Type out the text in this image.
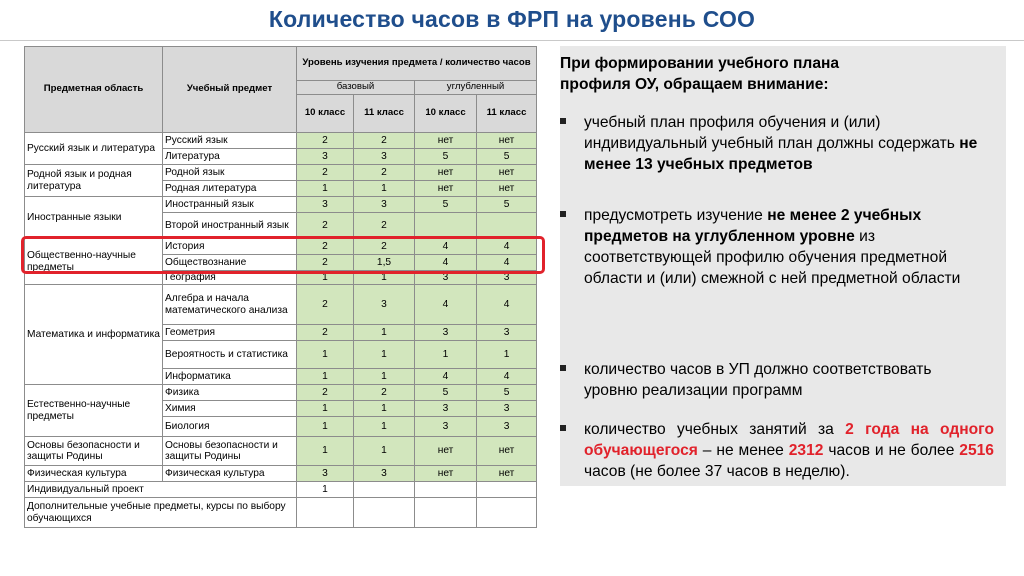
Количество часов в ФРП на уровень СОО
Предметная область	Учебный предмет	Уровень изучения предмета / количество часов			
		базовый		углубленный	
		10 класс	11 класс	10 класс	11 класс
Русский язык и литература	Русский язык	2	2	нет	нет
	Литература	3	3	5	5
Родной язык и родная литература	Родной язык	2	2	нет	нет
	Родная литература	1	1	нет	нет
Иностранные языки	Иностранный язык	3	3	5	5
	Второй иностранный язык	2	2		
Общественно-научные предметы	История	2	2	4	4
	Обществознание	2	1,5	4	4
	География	1	1	3	3
Математика и информатика	Алгебра и начала математического анализа	2	3	4	4
	Геометрия	2	1	3	3
	Вероятность и статистика	1	1	1	1
	Информатика	1	1	4	4
Естественно-научные предметы	Физика	2	2	5	5
	Химия	1	1	3	3
	Биология	1	1	3	3
Основы безопасности и защиты Родины	Основы безопасности и защиты Родины	1	1	нет	нет
Физическая культура	Физическая культура	3	3	нет	нет
Индивидуальный проект		1			
Дополнительные учебные предметы, курсы по выбору обучающихся					
При формировании учебного плана профиля ОУ, обращаем внимание:
учебный план профиля обучения и (или) индивидуальный учебный план должны содержать не менее 13 учебных предметов
предусмотреть изучение не менее 2 учебных предметов на углубленном уровне из соответствующей профилю обучения предметной области и (или) смежной с ней предметной области
количество часов в УП должно соответствовать уровню реализации программ
количество учебных занятий за 2 года на одного обучающегося – не менее 2312 часов и не более 2516 часов (не более 37 часов в неделю).
